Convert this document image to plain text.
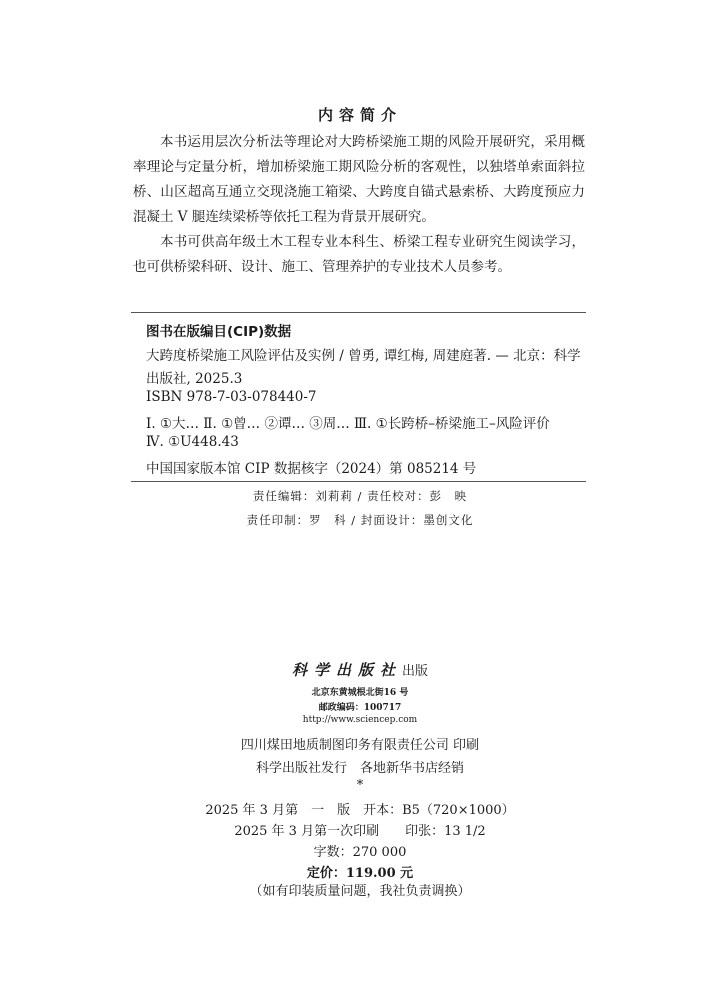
内容简介
本书运用层次分析法等理论对大跨桥梁施工期的风险开展研究，采用概率理论与定量分析，增加桥梁施工期风险分析的客观性，以独塔单索面斜拉桥、山区超高互通立交现浇施工箱梁、大跨度自锚式悬索桥、大跨度预应力混凝土 V 腿连续梁桥等依托工程为背景开展研究。
本书可供高年级土木工程专业本科生、桥梁工程专业研究生阅读学习，也可供桥梁科研、设计、施工、管理养护的专业技术人员参考。
图书在版编目(CIP)数据
大跨度桥梁施工风险评估及实例 / 曾勇, 谭红梅, 周建庭著. — 北京：科学
出版社, 2025.3
ISBN 978-7-03-078440-7
Ⅰ. ①大… Ⅱ. ①曾… ②谭… ③周… Ⅲ. ①长跨桥–桥梁施工–风险评价
Ⅳ. ①U448.43
中国国家版本馆 CIP 数据核字（2024）第 085214 号
责任编辑：刘莉莉 / 责任校对：彭　映
责任印制：罗　科 / 封面设计：墨创文化
科学出版社出版
北京东黄城根北街16 号
邮政编码：100717
http://www.sciencep.com
四川煤田地质制图印务有限责任公司 印刷
科学出版社发行　各地新华书店经销
*
2025 年 3 月第　一　版　开本：B5（720×1000）
2025 年 3 月第一次印刷　　印张：13 1/2
字数：270 000
定价：119.00 元
（如有印装质量问题，我社负责调换）
